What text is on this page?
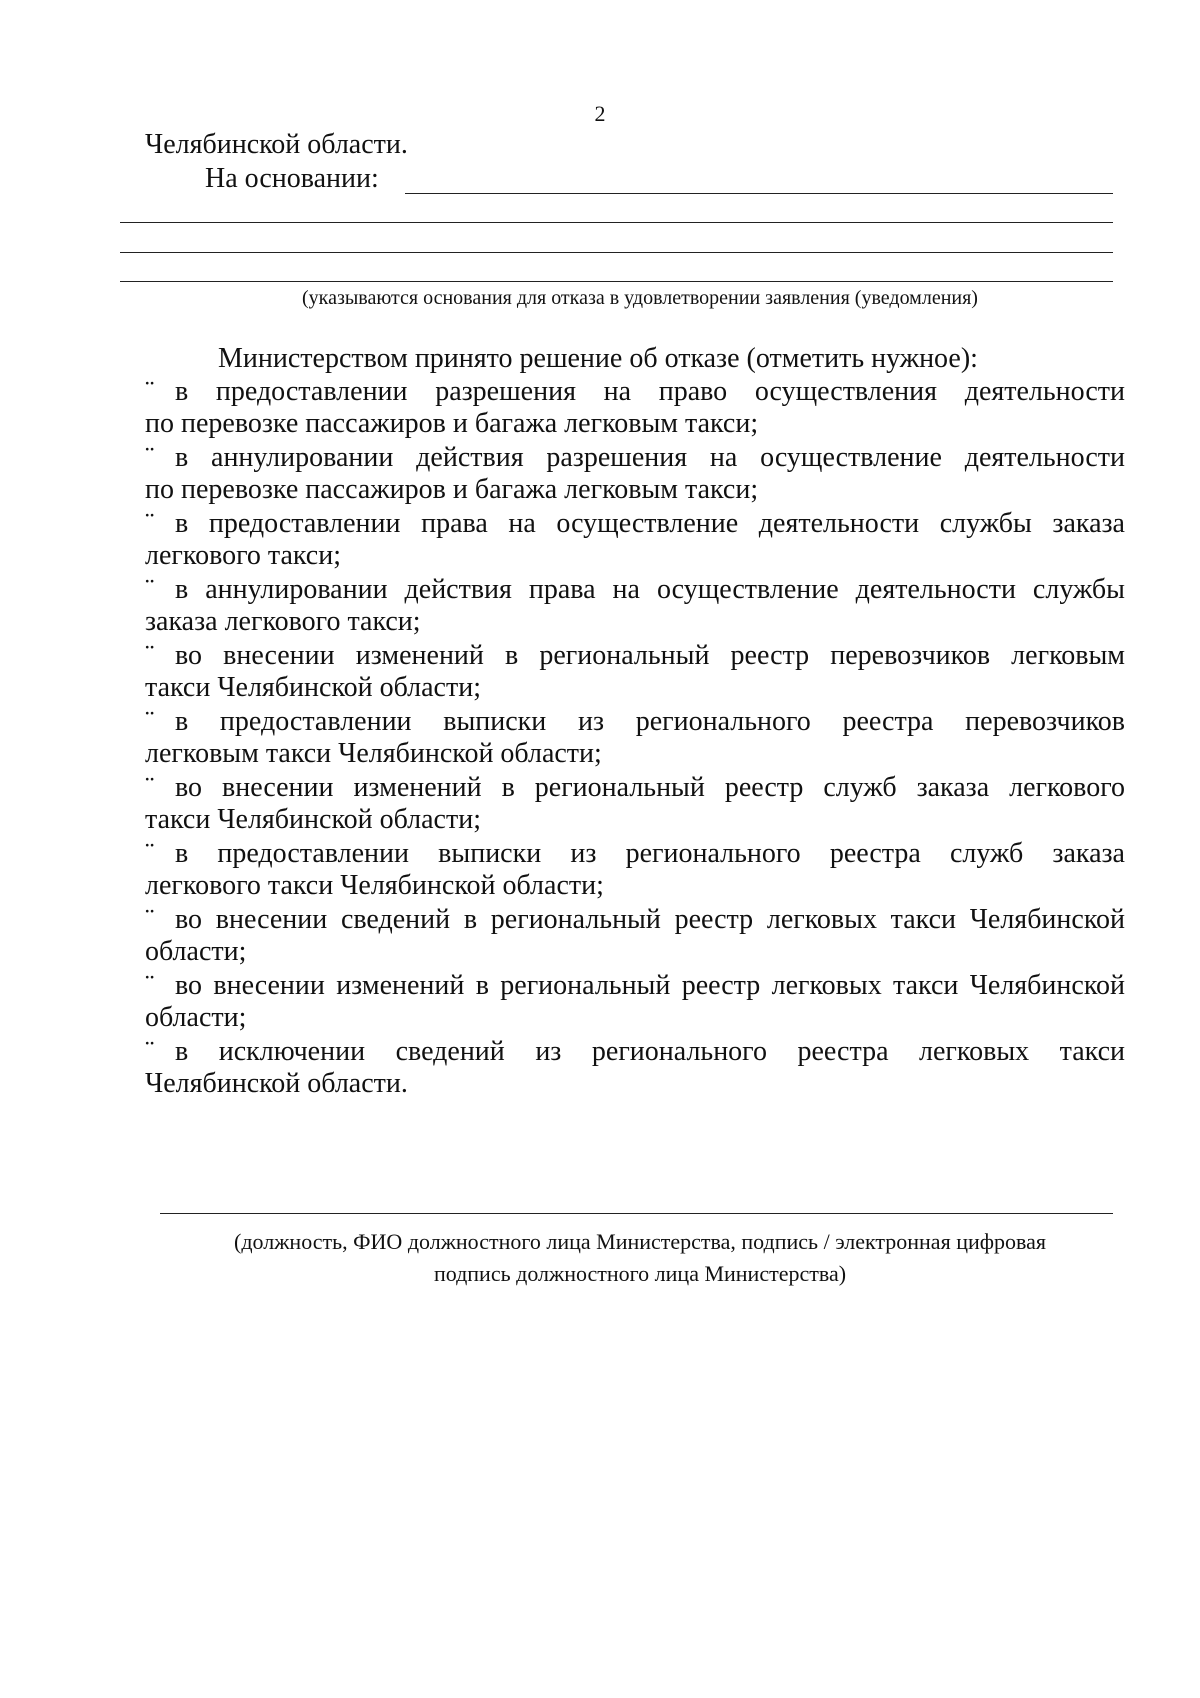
2
Челябинской области.
На основании:
(указываются основания для отказа в удовлетворении заявления (уведомления)
Министерством принято решение об отказе (отметить нужное):
¨ в предоставлении разрешения на право осуществления деятельности
по перевозке пассажиров и багажа легковым такси;
¨ в аннулировании действия разрешения на осуществление деятельности
по перевозке пассажиров и багажа легковым такси;
¨ в предоставлении права на осуществление деятельности службы заказа
легкового такси;
¨ в аннулировании действия права на осуществление деятельности службы
заказа легкового такси;
¨ во внесении изменений в региональный реестр перевозчиков легковым
такси Челябинской области;
¨ в предоставлении выписки из регионального реестра перевозчиков
легковым такси Челябинской области;
¨ во внесении изменений в региональный реестр служб заказа легкового
такси Челябинской области;
¨ в предоставлении выписки из регионального реестра служб заказа
легкового такси Челябинской области;
¨ во внесении сведений в региональный реестр легковых такси Челябинской
области;
¨ во внесении изменений в региональный реестр легковых такси Челябинской
области;
¨ в исключении сведений из регионального реестра легковых такси
Челябинской области.
(должность, ФИО должностного лица Министерства, подпись / электронная цифровая
подпись должностного лица Министерства)
